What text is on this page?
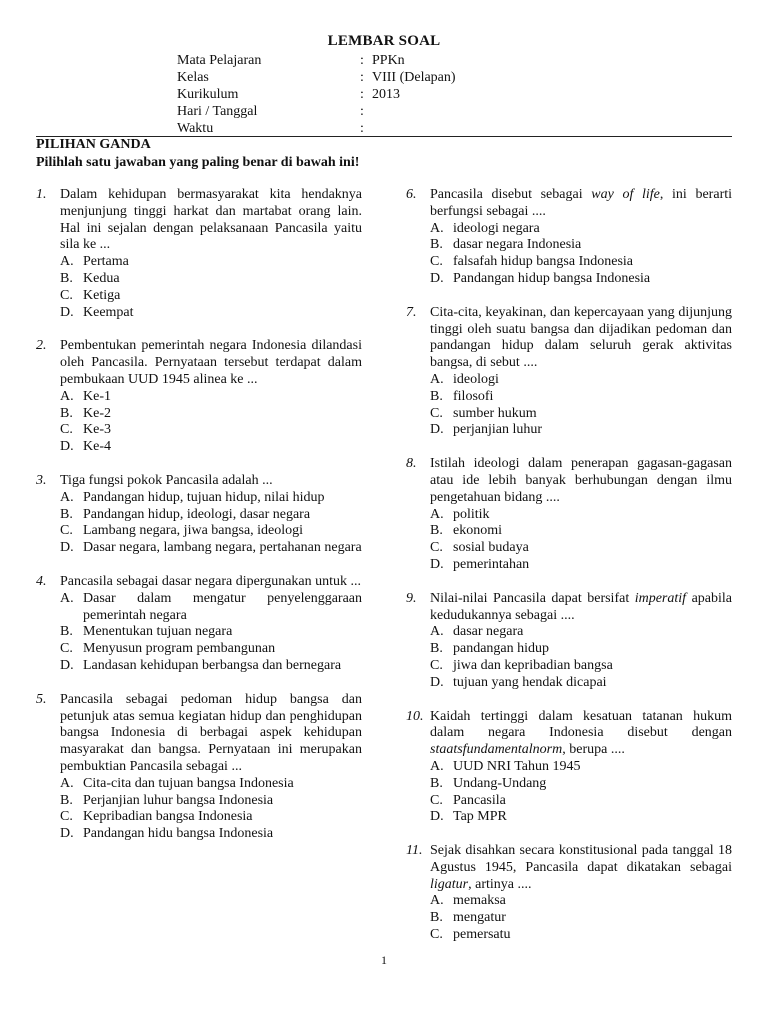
LEMBAR SOAL
Mata Pelajaran	: PPKn
Kelas	: VIII (Delapan)
Kurikulum	: 2013
Hari / Tanggal	:
Waktu	:
PILIHAN GANDA
Pilihlah satu jawaban yang paling benar di bawah ini!
1. Dalam kehidupan bermasyarakat kita hendaknya menjunjung tinggi harkat dan martabat orang lain. Hal ini sejalan dengan pelaksanaan Pancasila yaitu sila ke ...
A. Pertama
B. Kedua
C. Ketiga
D. Keempat
2. Pembentukan pemerintah negara Indonesia dilandasi oleh Pancasila. Pernyataan tersebut terdapat dalam pembukaan UUD 1945 alinea ke ...
A. Ke-1
B. Ke-2
C. Ke-3
D. Ke-4
3. Tiga fungsi pokok Pancasila adalah ...
A. Pandangan hidup, tujuan hidup, nilai hidup
B. Pandangan hidup, ideologi, dasar negara
C. Lambang negara, jiwa bangsa, ideologi
D. Dasar negara, lambang negara, pertahanan negara
4. Pancasila sebagai dasar negara dipergunakan untuk ...
A. Dasar dalam mengatur penyelenggaraan pemerintah negara
B. Menentukan tujuan negara
C. Menyusun program pembangunan
D. Landasan kehidupan berbangsa dan bernegara
5. Pancasila sebagai pedoman hidup bangsa dan petunjuk atas semua kegiatan hidup dan penghidupan bangsa Indonesia di berbagai aspek kehidupan masyarakat dan bangsa. Pernyataan ini merupakan pembuktian Pancasila sebagai ...
A. Cita-cita dan tujuan bangsa Indonesia
B. Perjanjian luhur bangsa Indonesia
C. Kepribadian bangsa Indonesia
D. Pandangan hidu bangsa Indonesia
6. Pancasila disebut sebagai way of life, ini berarti berfungsi sebagai ....
A. ideologi negara
B. dasar negara Indonesia
C. falsafah hidup bangsa Indonesia
D. Pandangan hidup bangsa Indonesia
7. Cita-cita, keyakinan, dan kepercayaan yang dijunjung tinggi oleh suatu bangsa dan dijadikan pedoman dan pandangan hidup dalam seluruh gerak aktivitas bangsa, di sebut ....
A. ideologi
B. filosofi
C. sumber hukum
D. perjanjian luhur
8. Istilah ideologi dalam penerapan gagasan-gagasan atau ide lebih banyak berhubungan dengan ilmu pengetahuan bidang ....
A. politik
B. ekonomi
C. sosial budaya
D. pemerintahan
9. Nilai-nilai Pancasila dapat bersifat imperatif apabila kedudukannya sebagai ....
A. dasar negara
B. pandangan hidup
C. jiwa dan kepribadian bangsa
D. tujuan yang hendak dicapai
10. Kaidah tertinggi dalam kesatuan tatanan hukum dalam negara Indonesia disebut dengan staatsfundamentalnorm, berupa ....
A. UUD NRI Tahun 1945
B. Undang-Undang
C. Pancasila
D. Tap MPR
11. Sejak disahkan secara konstitusional pada tanggal 18 Agustus 1945, Pancasila dapat dikatakan sebagai ligatur, artinya ....
A. memaksa
B. mengatur
C. pemersatu
1
